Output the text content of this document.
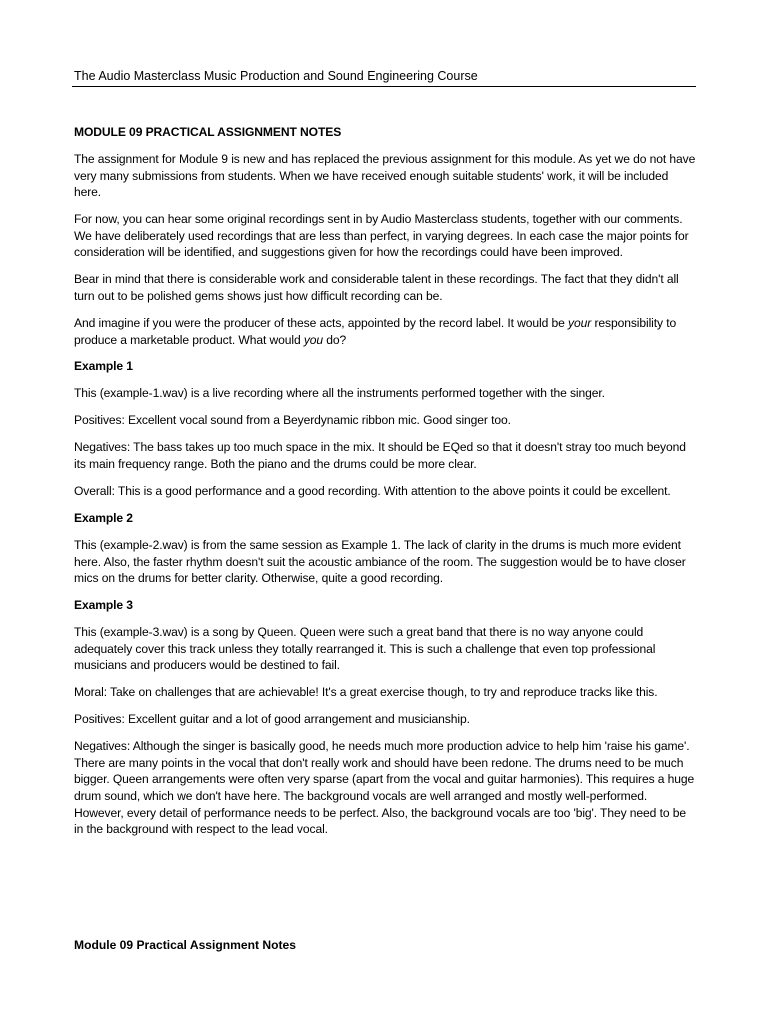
The Audio Masterclass Music Production and Sound Engineering Course
MODULE 09 PRACTICAL ASSIGNMENT NOTES

The assignment for Module 9 is new and has replaced the previous assignment for this module. As yet we do not have very many submissions from students. When we have received enough suitable students' work, it will be included here.

For now, you can hear some original recordings sent in by Audio Masterclass students, together with our comments. We have deliberately used recordings that are less than perfect, in varying degrees. In each case the major points for consideration will be identified, and suggestions given for how the recordings could have been improved.

Bear in mind that there is considerable work and considerable talent in these recordings. The fact that they didn't all turn out to be polished gems shows just how difficult recording can be.

And imagine if you were the producer of these acts, appointed by the record label. It would be your responsibility to produce a marketable product. What would you do?

Example 1

This (example-1.wav) is a live recording where all the instruments performed together with the singer.

Positives: Excellent vocal sound from a Beyerdynamic ribbon mic. Good singer too.

Negatives: The bass takes up too much space in the mix. It should be EQed so that it doesn't stray too much beyond its main frequency range. Both the piano and the drums could be more clear.

Overall: This is a good performance and a good recording. With attention to the above points it could be excellent.

Example 2

This (example-2.wav) is from the same session as Example 1. The lack of clarity in the drums is much more evident here. Also, the faster rhythm doesn't suit the acoustic ambiance of the room. The suggestion would be to have closer mics on the drums for better clarity. Otherwise, quite a good recording.

Example 3

This (example-3.wav) is a song by Queen. Queen were such a great band that there is no way anyone could adequately cover this track unless they totally rearranged it. This is such a challenge that even top professional musicians and producers would be destined to fail.

Moral: Take on challenges that are achievable! It's a great exercise though, to try and reproduce tracks like this.

Positives: Excellent guitar and a lot of good arrangement and musicianship.

Negatives: Although the singer is basically good, he needs much more production advice to help him 'raise his game'. There are many points in the vocal that don't really work and should have been redone. The drums need to be much bigger. Queen arrangements were often very sparse (apart from the vocal and guitar harmonies). This requires a huge drum sound, which we don't have here. The background vocals are well arranged and mostly well-performed. However, every detail of performance needs to be perfect. Also, the background vocals are too 'big'. They need to be in the background with respect to the lead vocal.

Module 09 Practical Assignment Notes
